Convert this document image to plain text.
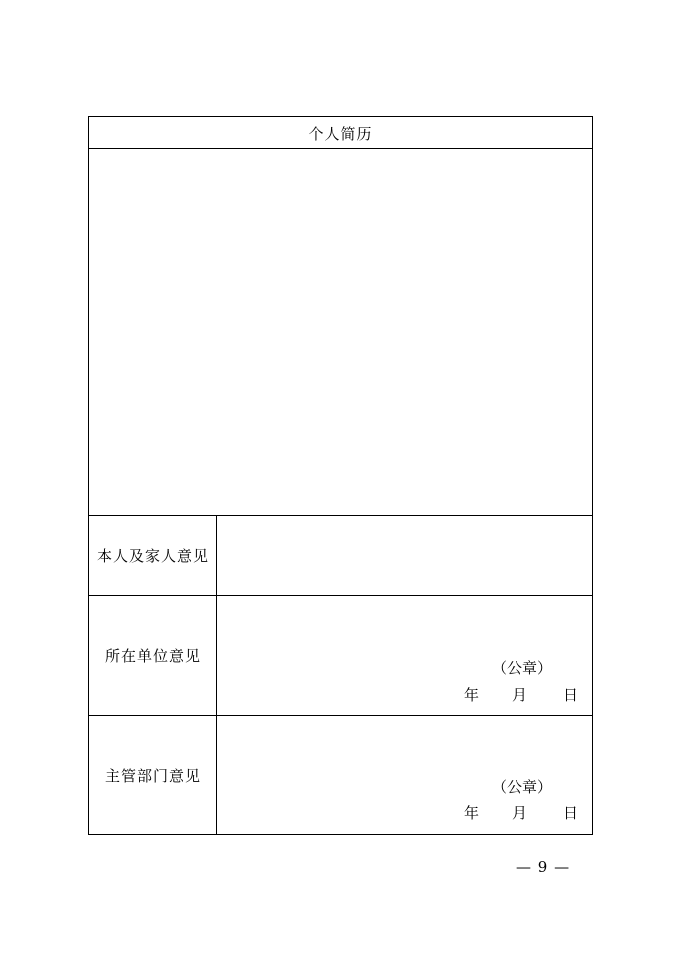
个人简历
本人及家人意见
所在单位意见
（公章）
年 月 日
主管部门意见
（公章）
年 月 日
— 9 —
